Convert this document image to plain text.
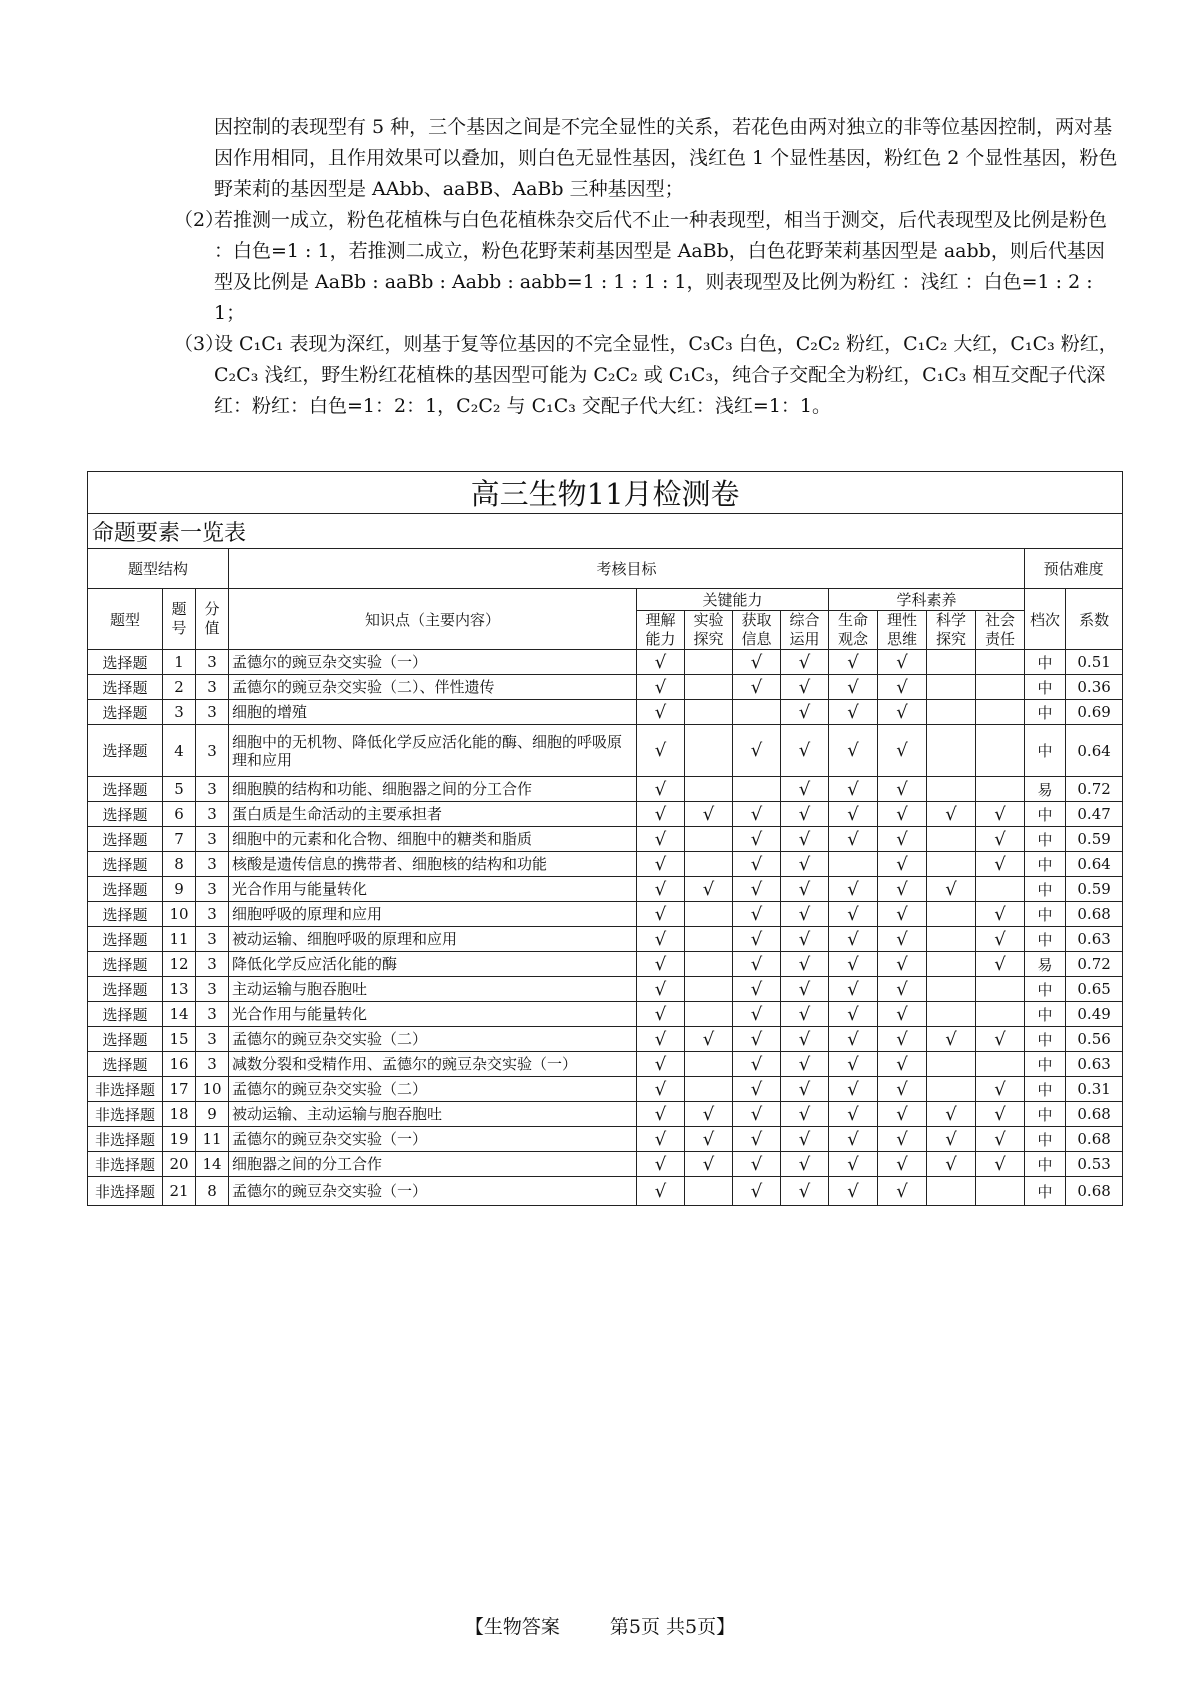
因控制的表现型有 5 种，三个基因之间是不完全显性的关系，若花色由两对独立的非等位基因控制，两对基因作用相同，且作用效果可以叠加，则白色无显性基因，浅红色 1 个显性基因，粉红色 2 个显性基因，粉色野茉莉的基因型是 AAbb、aaBB、AaBb 三种基因型；

（2）若推测一成立，粉色花植株与白色花植株杂交后代不止一种表现型，相当于测交，后代表现型及比例是粉色 ：白色=1 : 1，若推测二成立，粉色花野茉莉基因型是 AaBb，白色花野茉莉基因型是 aabb，则后代基因型及比例是 AaBb : aaBb : Aabb : aabb=1 : 1 : 1 : 1，则表现型及比例为粉红 ：浅红 ：白色=1 : 2 : 1；

（3）设 C₁C₁ 表现为深红，则基于复等位基因的不完全显性，C₃C₃ 白色，C₂C₂ 粉红，C₁C₂ 大红，C₁C₃ 粉红，C₂C₃ 浅红，野生粉红花植株的基因型可能为 C₂C₂ 或 C₁C₃，纯合子交配全为粉红，C₁C₃ 相互交配子代深红：粉红：白色=1：2：1，C₂C₂ 与 C₁C₃ 交配子代大红：浅红=1：1。

高三生物11月检测卷													
命题要素一览表													
题型结构			考核目标									预估难度	
题型	题号	分值	知识点（主要内容）	关键能力				学科素养				档次	系数
				理解能力	实验探究	获取信息	综合运用	生命观念	理性思维	科学探究	社会责任		
选择题	1	3	孟德尔的豌豆杂交实验（一）	√		√	√	√	√			中	0.51
选择题	2	3	孟德尔的豌豆杂交实验（二）、伴性遗传	√		√	√	√	√			中	0.36
选择题	3	3	细胞的增殖	√			√	√	√			中	0.69
选择题	4	3	细胞中的无机物、降低化学反应活化能的酶、细胞的呼吸原理和应用	√		√	√	√	√			中	0.64
选择题	5	3	细胞膜的结构和功能、细胞器之间的分工合作	√			√	√	√			易	0.72
选择题	6	3	蛋白质是生命活动的主要承担者	√	√	√	√	√	√	√	√	中	0.47
选择题	7	3	细胞中的元素和化合物、细胞中的糖类和脂质	√		√	√	√	√		√	中	0.59
选择题	8	3	核酸是遗传信息的携带者、细胞核的结构和功能	√		√	√		√		√	中	0.64
选择题	9	3	光合作用与能量转化	√	√	√	√	√	√	√		中	0.59
选择题	10	3	细胞呼吸的原理和应用	√		√	√	√	√		√	中	0.68
选择题	11	3	被动运输、细胞呼吸的原理和应用	√		√	√	√	√		√	中	0.63
选择题	12	3	降低化学反应活化能的酶	√		√	√	√	√		√	易	0.72
选择题	13	3	主动运输与胞吞胞吐	√		√	√	√	√			中	0.65
选择题	14	3	光合作用与能量转化	√		√	√	√	√			中	0.49
选择题	15	3	孟德尔的豌豆杂交实验（二）	√	√	√	√	√	√	√	√	中	0.56
选择题	16	3	减数分裂和受精作用、孟德尔的豌豆杂交实验（一）	√		√	√	√	√			中	0.63
非选择题	17	10	孟德尔的豌豆杂交实验（二）	√		√	√	√	√		√	中	0.31
非选择题	18	9	被动运输、主动运输与胞吞胞吐	√	√	√	√	√	√	√	√	中	0.68
非选择题	19	11	孟德尔的豌豆杂交实验（一）	√	√	√	√	√	√	√	√	中	0.68
非选择题	20	14	细胞器之间的分工合作	√	√	√	√	√	√	√	√	中	0.53
非选择题	21	8	孟德尔的豌豆杂交实验（一）	√		√	√	√	√			中	0.68
【生物答案	第5页 共5页】
